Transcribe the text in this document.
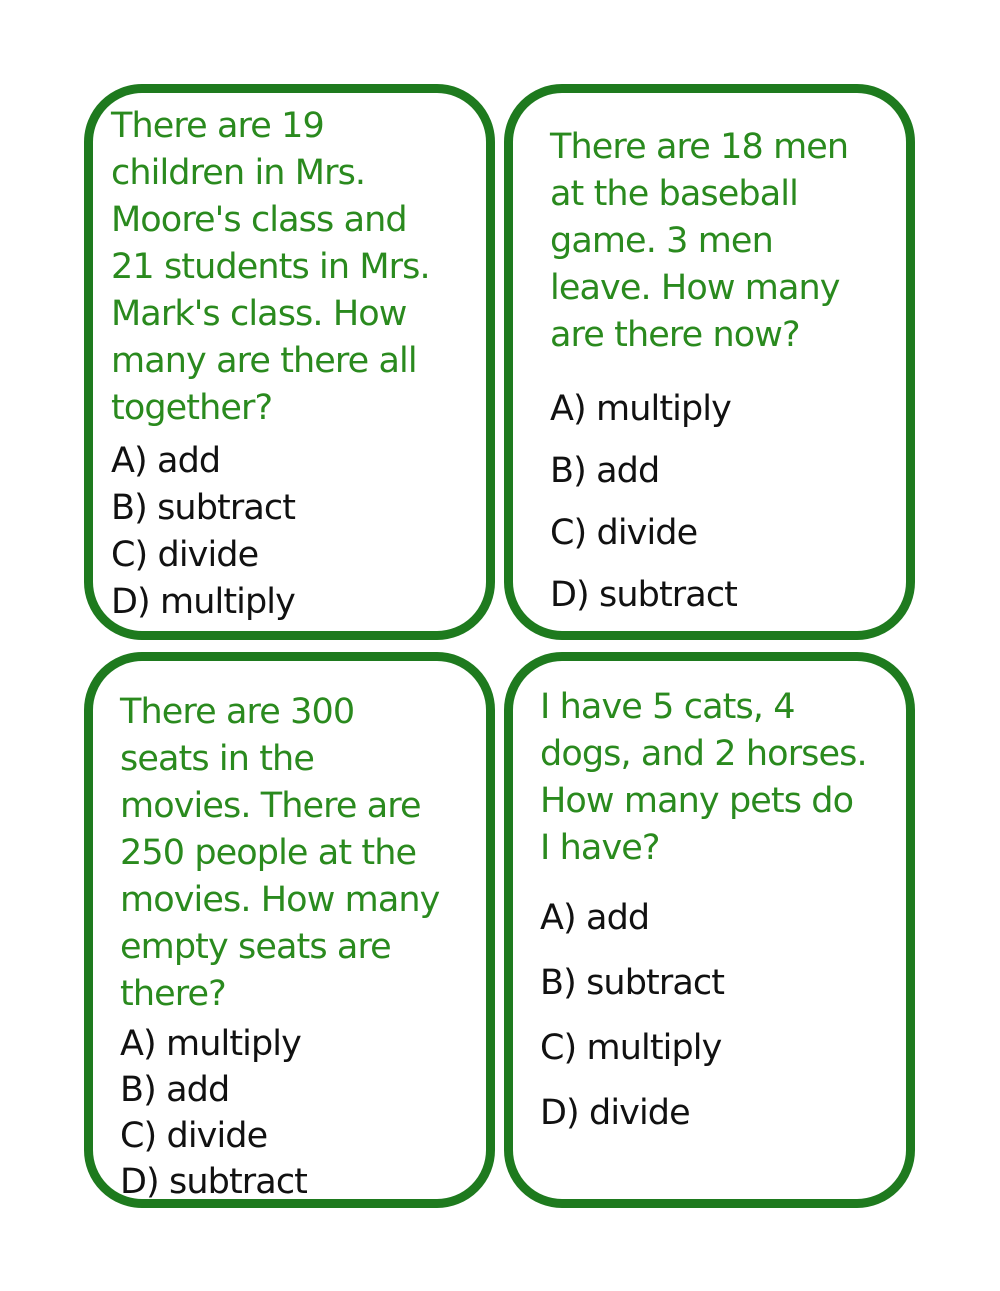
There are 19
children in Mrs.
Moore's class and
21 students in Mrs.
Mark's class. How
many are there all
together?

A) add
B) subtract
C) divide
D) multiply

There are 18 men
at the baseball
game. 3 men
leave. How many
are there now?

A) multiply
B) add
C) divide
D) subtract

There are 300
seats in the
movies. There are
250 people at the
movies. How many
empty seats are
there?

A) multiply
B) add
C) divide
D) subtract

I have 5 cats, 4
dogs, and 2 horses.
How many pets do
I have?

A) add
B) subtract
C) multiply
D) divide
